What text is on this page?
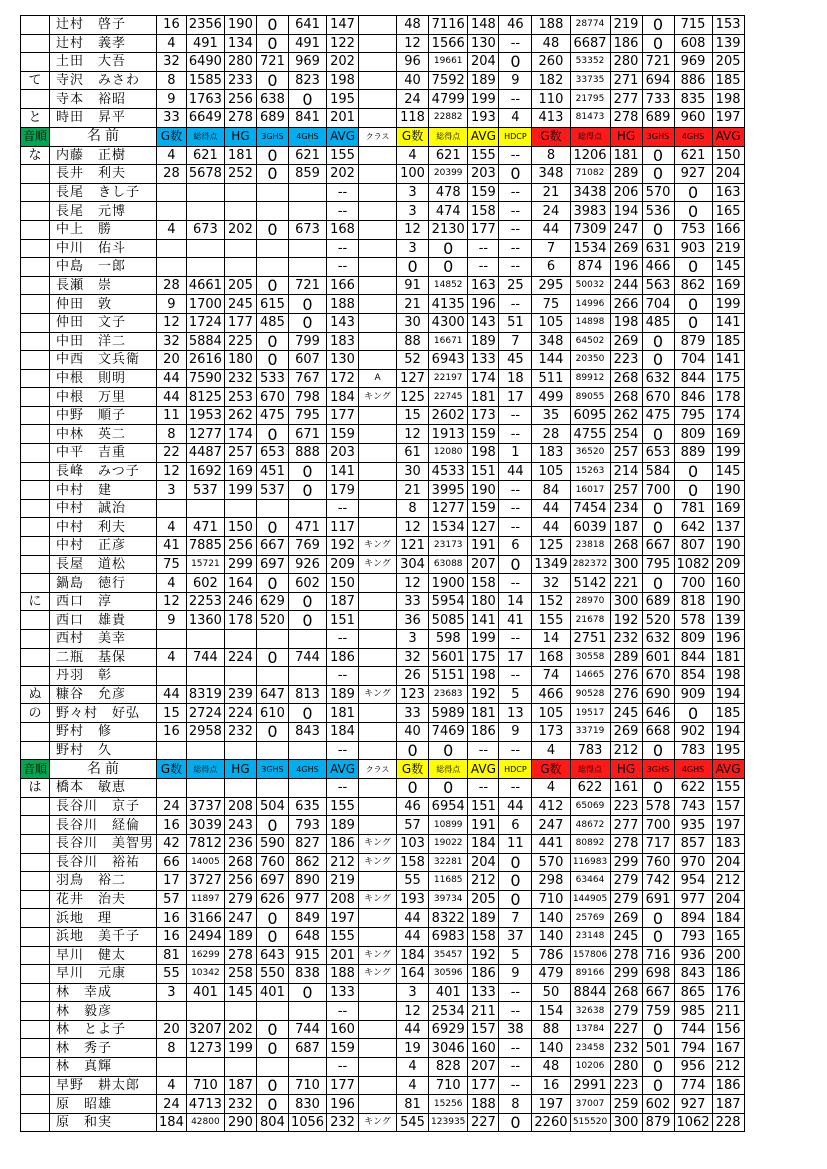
	辻村　啓子	16	2356	190	0	641	147		48	7116	148	46	188	28774	219	0	715	153
	辻村　義孝	4	491	134	0	491	122		12	1566	130	--	48	6687	186	0	608	139
	土田　大吾	32	6490	280	721	969	202		96	19661	204	0	260	53352	280	721	969	205
て	寺沢　みさわ	8	1585	233	0	823	198		40	7592	189	9	182	33735	271	694	886	185
	寺本　裕昭	9	1763	256	638	0	195		24	4799	199	--	110	21795	277	733	835	198
と	時田　昇平	33	6649	278	689	841	201		118	22882	193	4	413	81473	278	689	960	197
音順	名前	G数	総得点	HG	3GHS	4GHS	AVG	クラス	G数	総得点	AVG	HDCP	G数	総得点	HG	3GHS	4GHS	AVG
な	内藤　正樹	4	621	181	0	621	155		4	621	155	--	8	1206	181	0	621	150
	長井　利夫	28	5678	252	0	859	202		100	20399	203	0	348	71082	289	0	927	204
	長尾　きし子						--		3	478	159	--	21	3438	206	570	0	163
	長尾　元博						--		3	474	158	--	24	3983	194	536	0	165
	中上　勝	4	673	202	0	673	168		12	2130	177	--	44	7309	247	0	753	166
	中川　佑斗						--		3	0	--	--	7	1534	269	631	903	219
	中島　一郎						--		0	0	--	--	6	874	196	466	0	145
	長瀬　崇	28	4661	205	0	721	166		91	14852	163	25	295	50032	244	563	862	169
	仲田　敦	9	1700	245	615	0	188		21	4135	196	--	75	14996	266	704	0	199
	仲田　文子	12	1724	177	485	0	143		30	4300	143	51	105	14898	198	485	0	141
	中田　洋二	32	5884	225	0	799	183		88	16671	189	7	348	64502	269	0	879	185
	中西　文兵衛	20	2616	180	0	607	130		52	6943	133	45	144	20350	223	0	704	141
	中根　則明	44	7590	232	533	767	172	A	127	22197	174	18	511	89912	268	632	844	175
	中根　万里	44	8125	253	670	798	184	キング	125	22745	181	17	499	89055	268	670	846	178
	中野　順子	11	1953	262	475	795	177		15	2602	173	--	35	6095	262	475	795	174
	中林　英二	8	1277	174	0	671	159		12	1913	159	--	28	4755	254	0	809	169
	中平　吉重	22	4487	257	653	888	203		61	12080	198	1	183	36520	257	653	889	199
	長峰　みつ子	12	1692	169	451	0	141		30	4533	151	44	105	15263	214	584	0	145
	中村　建	3	537	199	537	0	179		21	3995	190	--	84	16017	257	700	0	190
	中村　誠治						--		8	1277	159	--	44	7454	234	0	781	169
	中村　利夫	4	471	150	0	471	117		12	1534	127	--	44	6039	187	0	642	137
	中村　正彦	41	7885	256	667	769	192	キング	121	23173	191	6	125	23818	268	667	807	190
	長屋　道松	75	15721	299	697	926	209	キング	304	63088	207	0	1349	282372	300	795	1082	209
	鍋島　徳行	4	602	164	0	602	150		12	1900	158	--	32	5142	221	0	700	160
に	西口　淳	12	2253	246	629	0	187		33	5954	180	14	152	28970	300	689	818	190
	西口　雄貴	9	1360	178	520	0	151		36	5085	141	41	155	21678	192	520	578	139
	西村　美幸						--		3	598	199	--	14	2751	232	632	809	196
	二瓶　基保	4	744	224	0	744	186		32	5601	175	17	168	30558	289	601	844	181
	丹羽　彰						--		26	5151	198	--	74	14665	276	670	854	198
ぬ	糠谷　允彦	44	8319	239	647	813	189	キング	123	23683	192	5	466	90528	276	690	909	194
の	野々村　好弘	15	2724	224	610	0	181		33	5989	181	13	105	19517	245	646	0	185
	野村　修	16	2958	232	0	843	184		40	7469	186	9	173	33719	269	668	902	194
	野村　久						--		0	0	--	--	4	783	212	0	783	195
音順	名前	G数	総得点	HG	3GHS	4GHS	AVG	クラス	G数	総得点	AVG	HDCP	G数	総得点	HG	3GHS	4GHS	AVG
は	橋本　敏恵						--		0	0	--	--	4	622	161	0	622	155
	長谷川　京子	24	3737	208	504	635	155		46	6954	151	44	412	65069	223	578	743	157
	長谷川　経倫	16	3039	243	0	793	189		57	10899	191	6	247	48672	277	700	935	197
	長谷川　美智男	42	7812	236	590	827	186	キング	103	19022	184	11	441	80892	278	717	857	183
	長谷川　裕祐	66	14005	268	760	862	212	キング	158	32281	204	0	570	116983	299	760	970	204
	羽鳥　裕二	17	3727	256	697	890	219		55	11685	212	0	298	63464	279	742	954	212
	花井　治夫	57	11897	279	626	977	208	キング	193	39734	205	0	710	144905	279	691	977	204
	浜地　理	16	3166	247	0	849	197		44	8322	189	7	140	25769	269	0	894	184
	浜地　美千子	16	2494	189	0	648	155		44	6983	158	37	140	23148	245	0	793	165
	早川　健太	81	16299	278	643	915	201	キング	184	35457	192	5	786	157806	278	716	936	200
	早川　元康	55	10342	258	550	838	188	キング	164	30596	186	9	479	89166	299	698	843	186
	林　幸成	3	401	145	401	0	133		3	401	133	--	50	8844	268	667	865	176
	林　毅彦						--		12	2534	211	--	154	32638	279	759	985	211
	林　とよ子	20	3207	202	0	744	160		44	6929	157	38	88	13784	227	0	744	156
	林　秀子	8	1273	199	0	687	159		19	3046	160	--	140	23458	232	501	794	167
	林　真輝						--		4	828	207	--	48	10206	280	0	956	212
	早野　耕太郎	4	710	187	0	710	177		4	710	177	--	16	2991	223	0	774	186
	原　昭雄	24	4713	232	0	830	196		81	15256	188	8	197	37007	259	602	927	187
	原　和実	184	42800	290	804	1056	232	キング	545	123935	227	0	2260	515520	300	879	1062	228
